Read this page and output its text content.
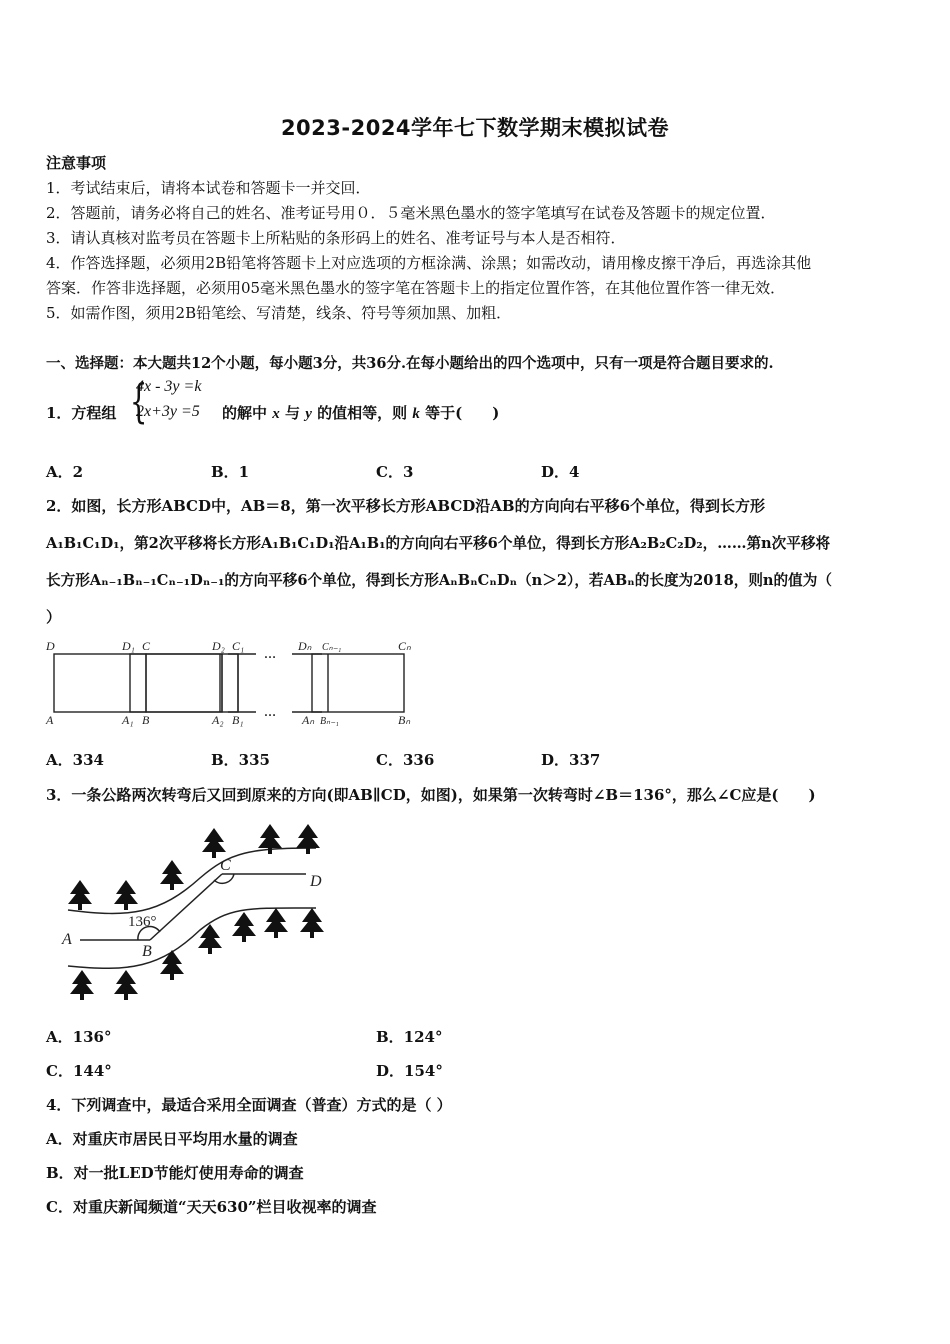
2023-2024学年七下数学期末模拟试卷
注意事项
1．考试结束后，请将本试卷和答题卡一并交回．
2．答题前，请务必将自己的姓名、准考证号用０．５毫米黑色墨水的签字笔填写在试卷及答题卡的规定位置．
3．请认真核对监考员在答题卡上所粘贴的条形码上的姓名、准考证号与本人是否相符．
4．作答选择题，必须用2B铅笔将答题卡上对应选项的方框涂满、涂黑；如需改动，请用橡皮擦干净后，再选涂其他
答案．作答非选择题，必须用05毫米黑色墨水的签字笔在答题卡上的指定位置作答，在其他位置作答一律无效．
5．如需作图，须用2B铅笔绘、写清楚，线条、符号等须加黑、加粗．
一、选择题：本大题共12个小题，每小题3分，共36分.在每小题给出的四个选项中，只有一项是符合题目要求的.
1．方程组 {
4x - 3y =k
2x+3y =5 的解中 x 与 y 的值相等，则 k 等于(　　)
A．2	B．1	C．3	D．4
2．如图，长方形ABCD中，AB＝8，第一次平移长方形ABCD沿AB的方向向右平移6个单位，得到长方形
A₁B₁C₁D₁，第2次平移将长方形A₁B₁C₁D₁沿A₁B₁的方向向右平移6个单位，得到长方形A₂B₂C₂D₂，……第n次平移将
长方形Aₙ₋₁Bₙ₋₁Cₙ₋₁Dₙ₋₁的方向平移6个单位，得到长方形AₙBₙCₙDₙ（n＞2），若ABₙ的长度为2018，则n的值为（
）
D	D₁ C	D₂ C₁	Dₙ Cₙ₋₁	Cₙ
A	A₁ B	A₂ B₁	Aₙ Bₙ₋₁	Bₙ
…
…
A．334	B．335	C．336	D．337
3．一条公路两次转弯后又回到原来的方向(即AB∥CD，如图)，如果第一次转弯时∠B＝136°，那么∠C应是(　　)
A
B
C
D
136°
A．136°	B．124°
C．144°	D．154°
4．下列调查中，最适合采用全面调查（普查）方式的是（ ）
A．对重庆市居民日平均用水量的调查
B．对一批LED节能灯使用寿命的调查
C．对重庆新闻频道“天天630”栏目收视率的调查
